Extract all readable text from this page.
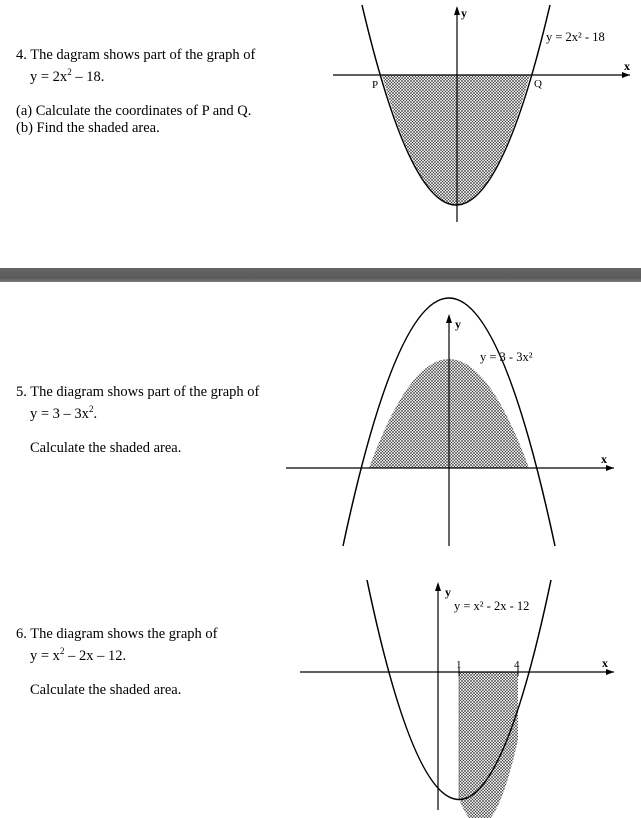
4. The dagram shows part of the graph of

$y = 2x^2 - 18$.

(a) Calculate the coordinates of P and Q.

(b) Find the shaded area.

y
x
y = 2x² - 18
P	Q

5. The diagram shows part of the graph of

$y = 3 - 3x^2$.

Calculate the shaded area.

6. The diagram shows the graph of

$y = x^2 - 2x - 12$.

Calculate the shaded area.

y
x
y = 3 - 3x²
y
x
y = x² - 2x - 12
1	4
